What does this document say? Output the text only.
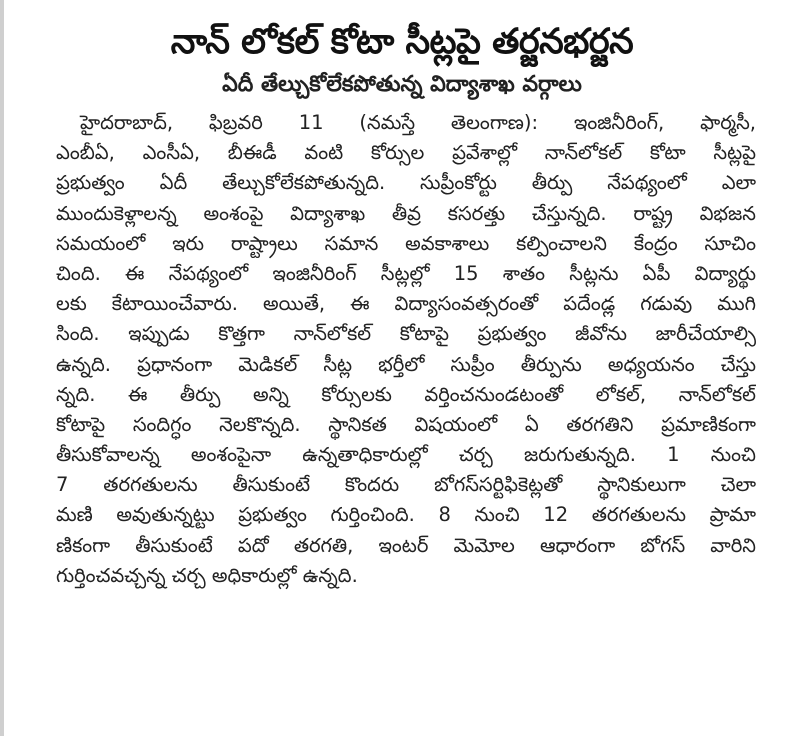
నాన్ లోకల్ కోటా సీట్లపై తర్జనభర్జన
ఏదీ తేల్చుకోలేకపోతున్న విద్యాశాఖ వర్గాలు
హైదరాబాద్, ఫిబ్రవరి 11 (నమస్తే తెలంగాణ): ఇంజినీరింగ్, ఫార్మసీ,
ఎంబీఏ, ఎంసీఏ, బీఈడీ వంటి కోర్సుల ప్రవేశాల్లో నాన్‌లోకల్ కోటా సీట్లపై
ప్రభుత్వం ఏదీ తేల్చుకోలేకపోతున్నది. సుప్రీంకోర్టు తీర్పు నేపథ్యంలో ఎలా
ముందుకెళ్లాలన్న అంశంపై విద్యాశాఖ తీవ్ర కసరత్తు చేస్తున్నది. రాష్ట్ర విభజన
సమయంలో ఇరు రాష్ట్రాలు సమాన అవకాశాలు కల్పించాలని కేంద్రం సూచిం
చింది. ఈ నేపథ్యంలో ఇంజినీరింగ్ సీట్లల్లో 15 శాతం సీట్లను ఏపీ విద్యార్థు
లకు కేటాయించేవారు. అయితే, ఈ విద్యాసంవత్సరంతో పదేండ్ల గడువు ముగి
సింది. ఇప్పుడు కొత్తగా నాన్‌లోకల్ కోటాపై ప్రభుత్వం జీవోను జారీచేయాల్సి
ఉన్నది. ప్రధానంగా మెడికల్ సీట్ల భర్తీలో సుప్రీం తీర్పును అధ్యయనం చేస్తు
న్నది. ఈ తీర్పు అన్ని కోర్సులకు వర్తించనుండటంతో లోకల్, నాన్‌లోకల్
కోటాపై సందిగ్ధం నెలకొన్నది. స్థానికత విషయంలో ఏ తరగతిని ప్రమాణికంగా
తీసుకోవాలన్న అంశంపైనా ఉన్నతాధికారుల్లో చర్చ జరుగుతున్నది. 1 నుంచి
7 తరగతులను తీసుకుంటే కొందరు బోగస్‌సర్టిఫికెట్లతో స్థానికులుగా చెలా
మణి అవుతున్నట్టు ప్రభుత్వం గుర్తించింది. 8 నుంచి 12 తరగతులను ప్రామా
ణికంగా తీసుకుంటే పదో తరగతి, ఇంటర్ మెమోల ఆధారంగా బోగస్ వారిని
గుర్తించవచ్చన్న చర్చ అధికారుల్లో ఉన్నది.
